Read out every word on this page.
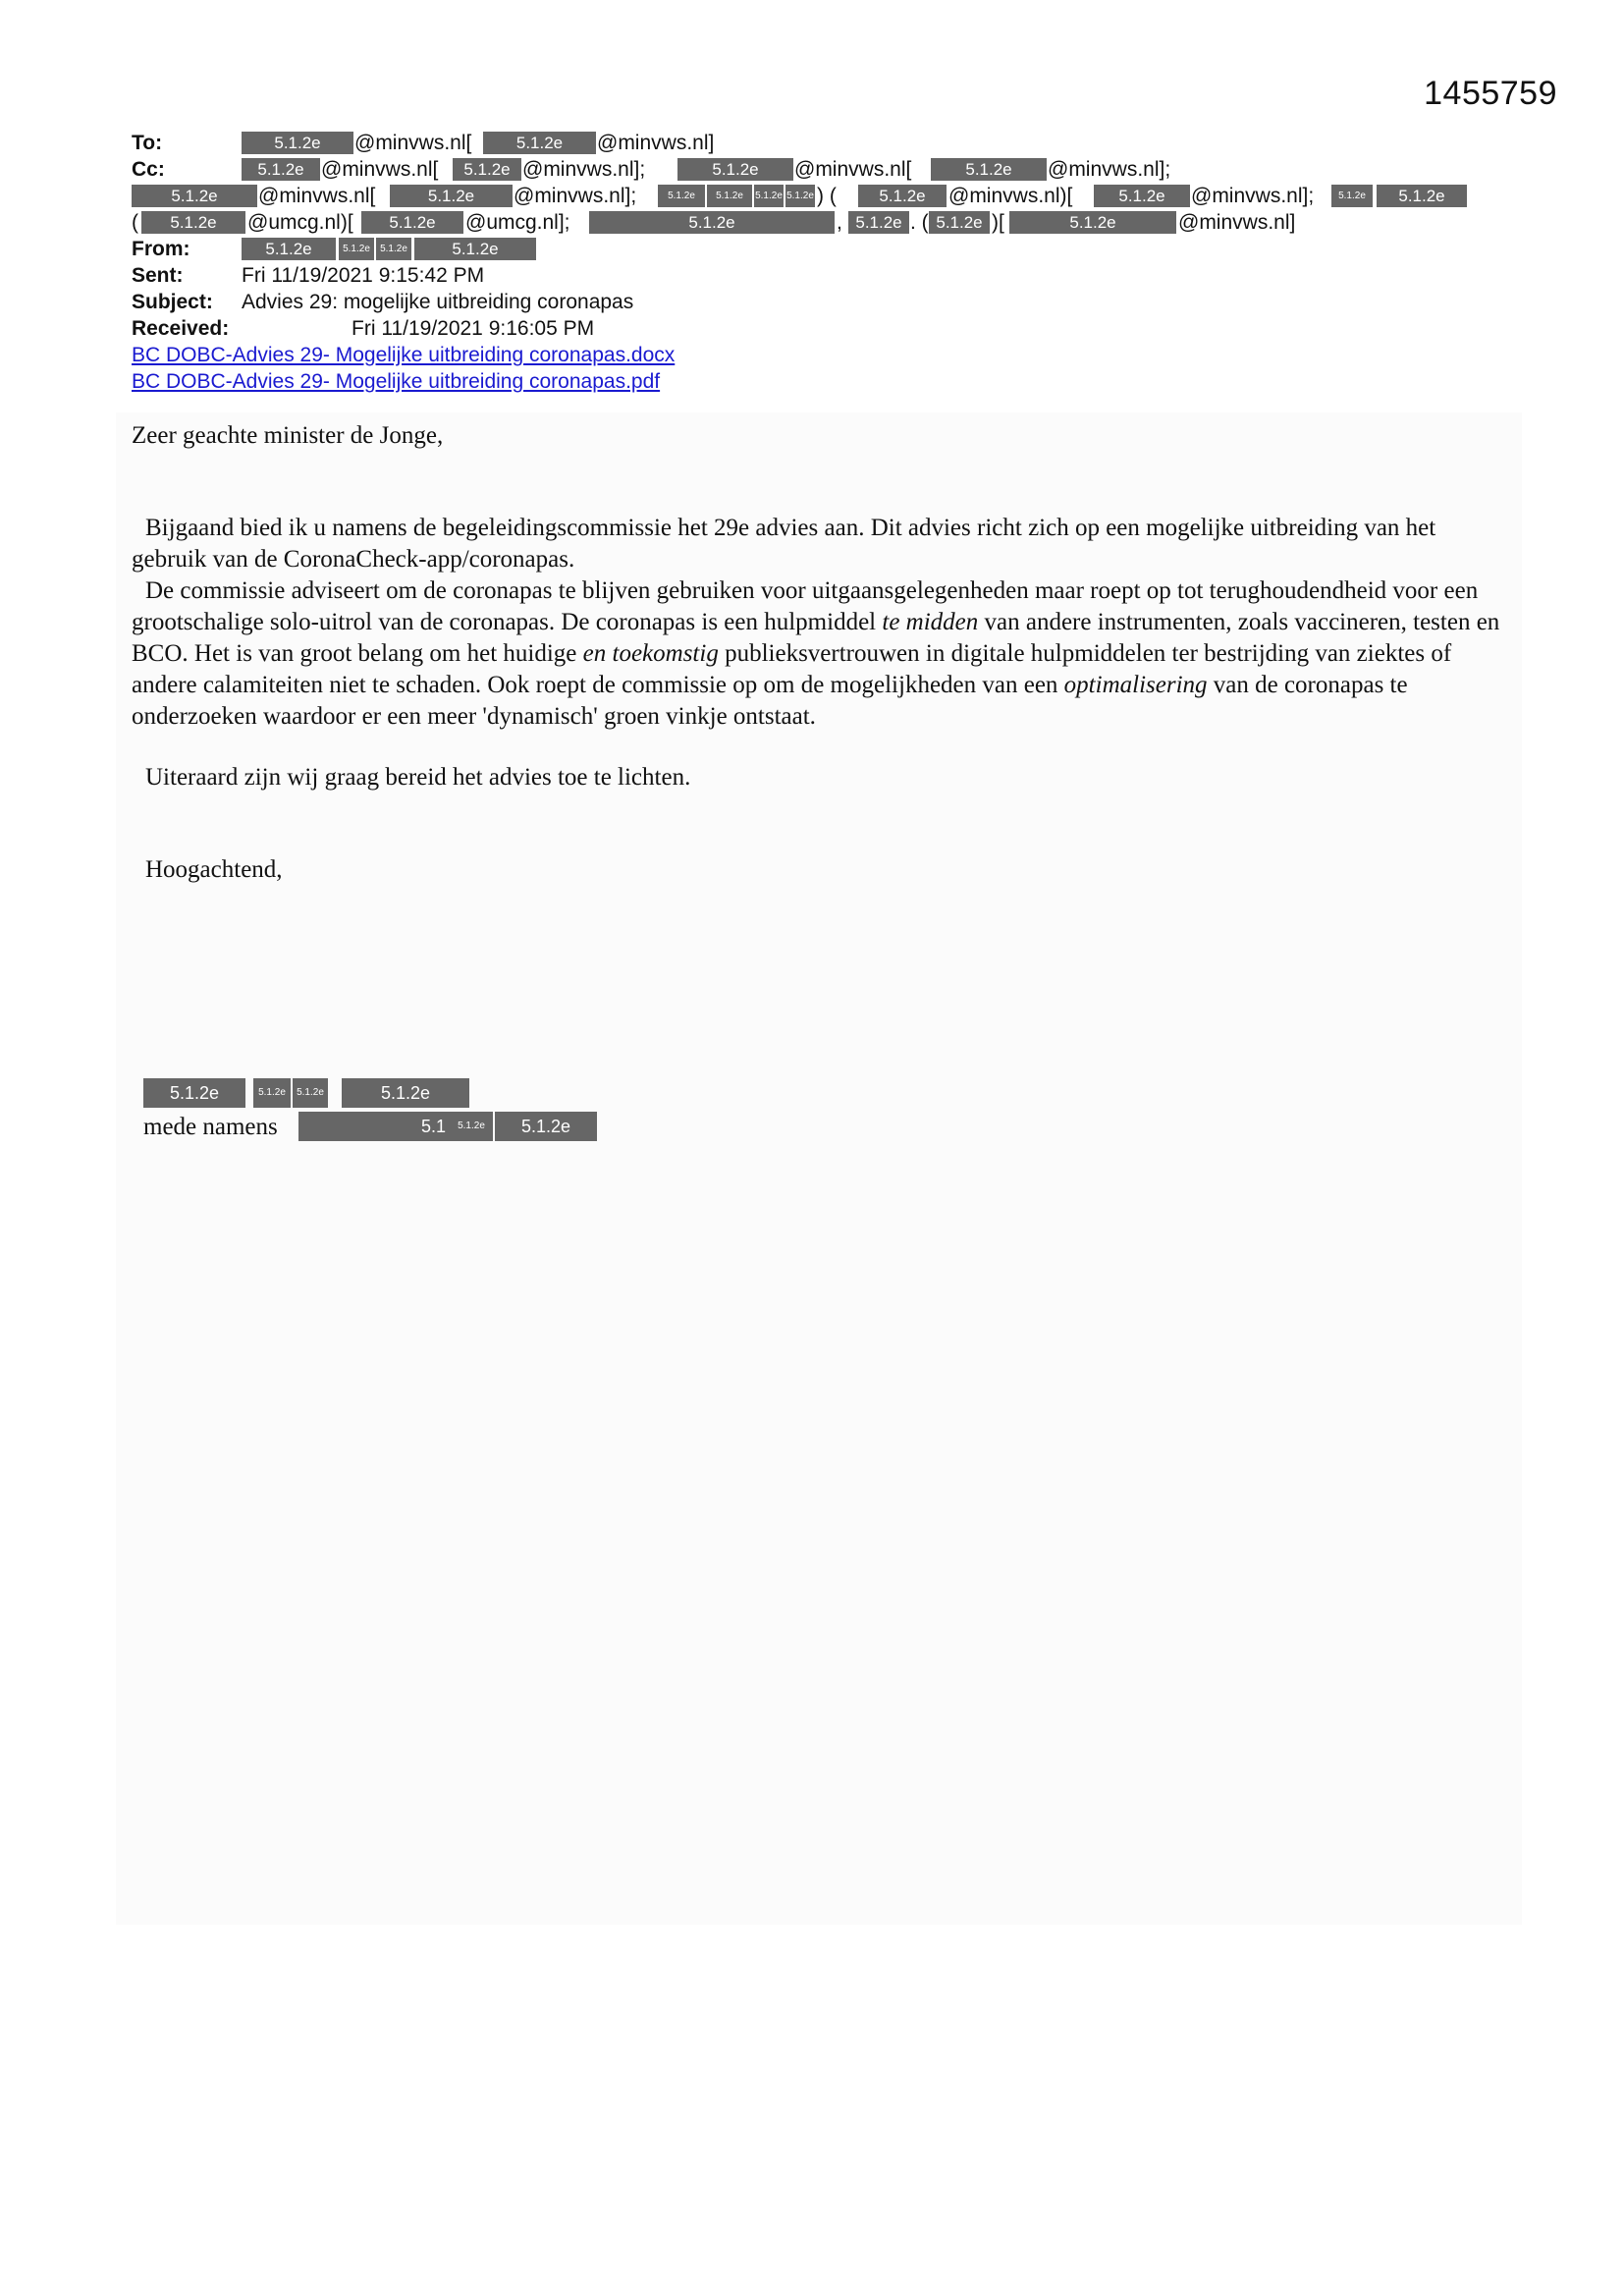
1455759
To:	5.1.2e	@minvws.nl[	5.1.2e	@minvws.nl]
Cc:	5.1.2e @minvws.nl[	5.1.2e @minvws.nl];	5.1.2e	@minvws.nl[	5.1.2e	@minvws.nl];
5.1.2e	@minvws.nl[	5.1.2e	@minvws.nl];	5.1.2e	5.1.2e	5.1.2e 5.1.2e ) (	5.1.2e	@minvws.nl)[	5.1.2e	@minvws.nl];	5.1.2e	5.1.2e
(	5.1.2e	@umcg.nl)[	5.1.2e	@umcg.nl];	5.1.2e	, 5.1.2e . ( 5.1.2e )[	5.1.2e	@minvws.nl]
From:	5.1.2e	5.1.2e	5.1.2e	5.1.2e
Sent:	Fri 11/19/2021 9:15:42 PM
Subject: Advies 29: mogelijke uitbreiding coronapas
Received:	Fri 11/19/2021 9:16:05 PM
BC DOBC-Advies 29- Mogelijke uitbreiding coronapas.docx
BC DOBC-Advies 29- Mogelijke uitbreiding coronapas.pdf

Zeer geachte minister de Jonge,

Bijgaand bied ik u namens de begeleidingscommissie het 29e advies aan. Dit advies richt zich op een mogelijke uitbreiding van het gebruik van de CoronaCheck-app/coronapas.

De commissie adviseert om de coronapas te blijven gebruiken voor uitgaansgelegenheden maar roept op tot terughoudendheid voor een grootschalige solo-uitrol van de coronapas. De coronapas is een hulpmiddel te midden van andere instrumenten, zoals vaccineren, testen en BCO. Het is van groot belang om het huidige en toekomstig publieksvertrouwen in digitale hulpmiddelen ter bestrijding van ziektes of andere calamiteiten niet te schaden. Ook roept de commissie op om de mogelijkheden van een optimalisering van de coronapas te onderzoeken waardoor er een meer 'dynamisch' groen vinkje ontstaat.

Uiteraard zijn wij graag bereid het advies toe te lichten.

Hoogachtend,

5.1.2e	5.1.2e	5.1.2e	5.1.2e
mede namens	5.1	5.1.2e	5.1.2e
